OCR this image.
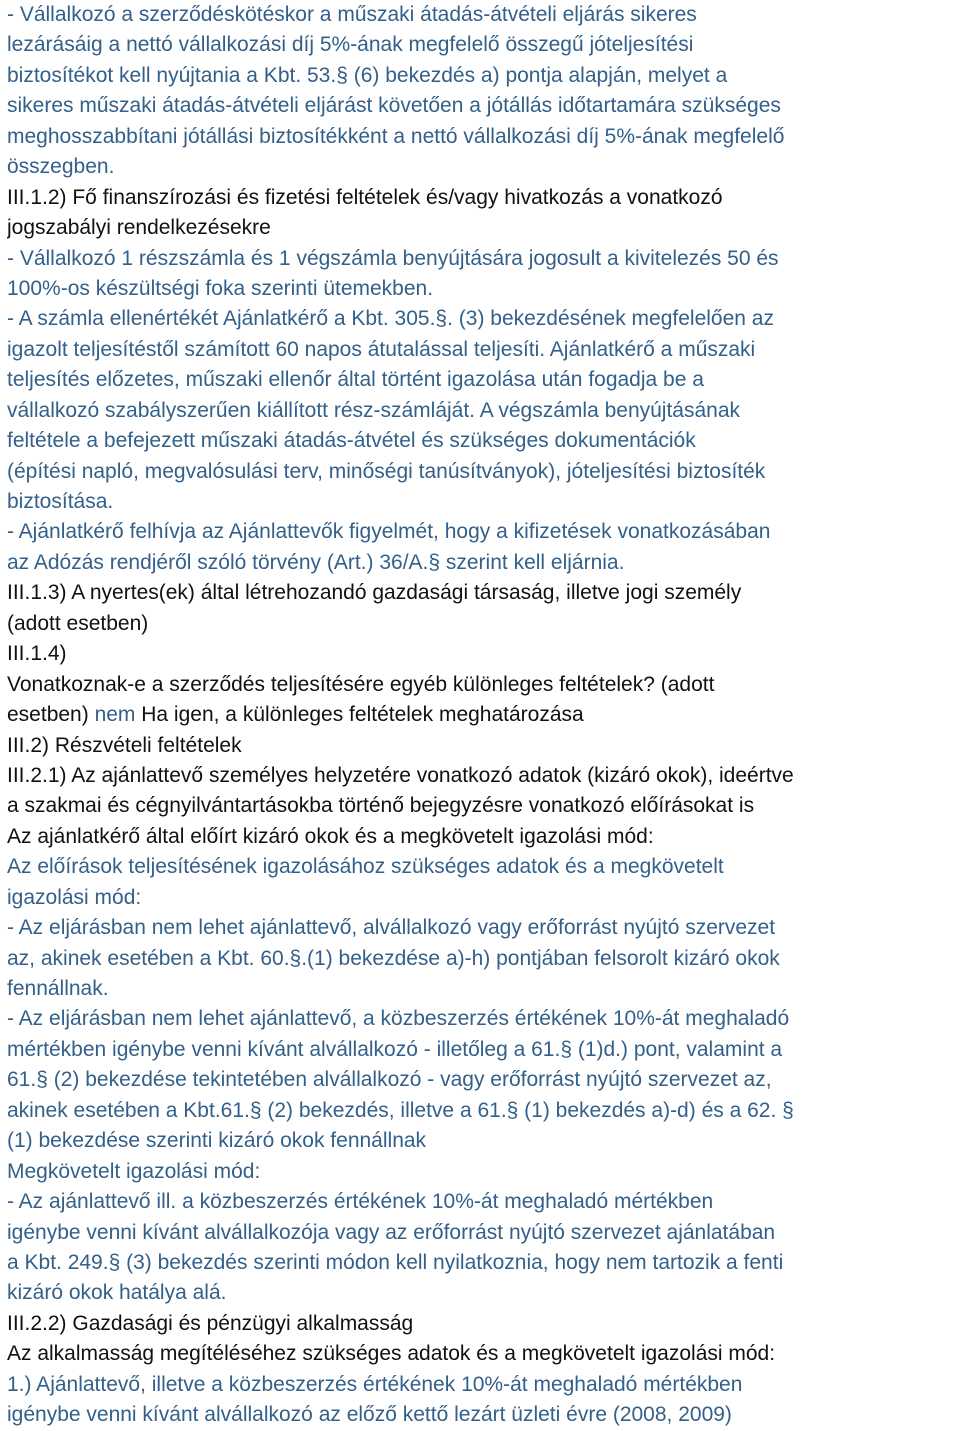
- Vállalkozó a szerződéskötéskor a műszaki átadás-átvételi eljárás sikeres
lezárásáig a nettó vállalkozási díj 5%-ának megfelelő összegű jóteljesítési
biztosítékot kell nyújtania a Kbt. 53.§ (6) bekezdés a) pontja alapján, melyet a
sikeres műszaki átadás-átvételi eljárást követően a jótállás időtartamára szükséges
meghosszabbítani jótállási biztosítékként a nettó vállalkozási díj 5%-ának megfelelő
összegben.
III.1.2) Fő finanszírozási és fizetési feltételek és/vagy hivatkozás a vonatkozó
jogszabályi rendelkezésekre
- Vállalkozó 1 részszámla és 1 végszámla benyújtására jogosult a kivitelezés 50 és
100%-os készültségi foka szerinti ütemekben.
- A számla ellenértékét Ajánlatkérő a Kbt. 305.§. (3) bekezdésének megfelelően az
igazolt teljesítéstől számított 60 napos átutalással teljesíti. Ajánlatkérő a műszaki
teljesítés előzetes, műszaki ellenőr által történt igazolása után fogadja be a
vállalkozó szabályszerűen kiállított rész-számláját. A végszámla benyújtásának
feltétele a befejezett műszaki átadás-átvétel és szükséges dokumentációk
(építési napló, megvalósulási terv, minőségi tanúsítványok), jóteljesítési biztosíték
biztosítása.
- Ajánlatkérő felhívja az Ajánlattevők figyelmét, hogy a kifizetések vonatkozásában
az Adózás rendjéről szóló törvény (Art.) 36/A.§ szerint kell eljárnia.
III.1.3) A nyertes(ek) által létrehozandó gazdasági társaság, illetve jogi személy
(adott esetben)
III.1.4)
Vonatkoznak-e a szerződés teljesítésére egyéb különleges feltételek? (adott
esetben) nem Ha igen, a különleges feltételek meghatározása
III.2) Részvételi feltételek
III.2.1) Az ajánlattevő személyes helyzetére vonatkozó adatok (kizáró okok), ideértve
a szakmai és cégnyilvántartásokba történő bejegyzésre vonatkozó előírásokat is
Az ajánlatkérő által előírt kizáró okok és a megkövetelt igazolási mód:
Az előírások teljesítésének igazolásához szükséges adatok és a megkövetelt
igazolási mód:
- Az eljárásban nem lehet ajánlattevő, alvállalkozó vagy erőforrást nyújtó szervezet
az, akinek esetében a Kbt. 60.§.(1) bekezdése a)-h) pontjában felsorolt kizáró okok
fennállnak.
- Az eljárásban nem lehet ajánlattevő, a közbeszerzés értékének 10%-át meghaladó
mértékben igénybe venni kívánt alvállalkozó - illetőleg a 61.§ (1)d.) pont, valamint a
61.§ (2) bekezdése tekintetében alvállalkozó - vagy erőforrást nyújtó szervezet az,
akinek esetében a Kbt.61.§ (2) bekezdés, illetve a 61.§ (1) bekezdés a)-d) és a 62. §
(1) bekezdése szerinti kizáró okok fennállnak
Megkövetelt igazolási mód:
- Az ajánlattevő ill. a közbeszerzés értékének 10%-át meghaladó mértékben
igénybe venni kívánt alvállalkozója vagy az erőforrást nyújtó szervezet ajánlatában
a Kbt. 249.§ (3) bekezdés szerinti módon kell nyilatkoznia, hogy nem tartozik a fenti
kizáró okok hatálya alá.
III.2.2) Gazdasági és pénzügyi alkalmasság
Az alkalmasság megítéléséhez szükséges adatok és a megkövetelt igazolási mód:
1.) Ajánlattevő, illetve a közbeszerzés értékének 10%-át meghaladó mértékben
igénybe venni kívánt alvállalkozó az előző kettő lezárt üzleti évre (2008, 2009)
